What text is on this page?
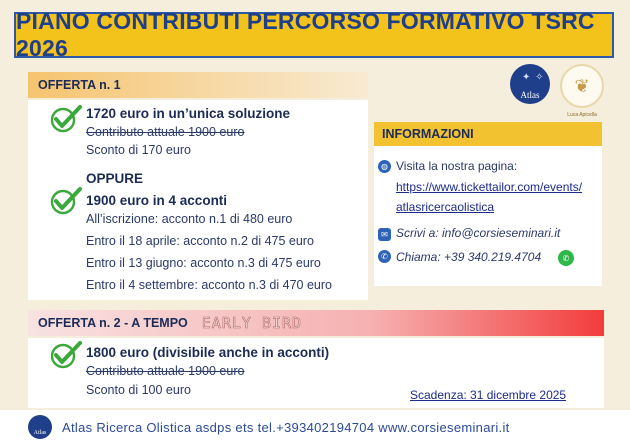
PIANO CONTRIBUTI PERCORSO FORMATIVO TSRC 2026
✦ ✧
Atlas ❦
Luca Apicella
OFFERTA n. 1
1720 euro in un’unica soluzione
Contributo attuale 1900 euro
Sconto di 170 euro
OPPURE
1900 euro in 4 acconti
All’iscrizione: acconto n.1 di 480 euro
Entro il 18 aprile: acconto n.2 di 475 euro
Entro il 13 giugno: acconto n.3 di 475 euro
Entro il 4 settembre: acconto n.3 di 470 euro
INFORMAZIONI
◍ Visita la nostra pagina:
https://www.tickettailor.com/events/
atlasricercaolistica
✉ Scrivi a: info@corsieseminari.it
✆ Chiama: +39 340.219.4704	✆
OFFERTA n. 2 - A TEMPO EARLY BIRD
1800 euro (divisibile anche in acconti)
Contributo attuale 1900 euro
Sconto di 100 euro	Scadenza: 31 dicembre 2025
Atlas Atlas Ricerca Olistica asdps ets tel.+393402194704 www.corsieseminari.it
